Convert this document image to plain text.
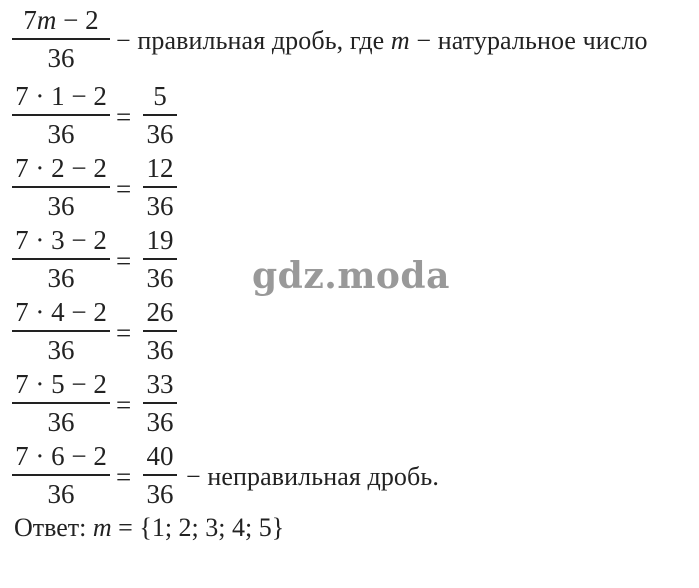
7m − 2
36
− правильная дробь, где m − натуральное число
7 · 1 − 2
36
=
5
36
7 · 2 − 2
36
=
12
36
7 · 3 − 2
36
=
19
36
7 · 4 − 2
36
=
26
36
7 · 5 − 2
36
=
33
36
7 · 6 − 2
36
=
40
36
− неправильная дробь.
gdz.moda
Ответ: m = {1; 2; 3; 4; 5}
